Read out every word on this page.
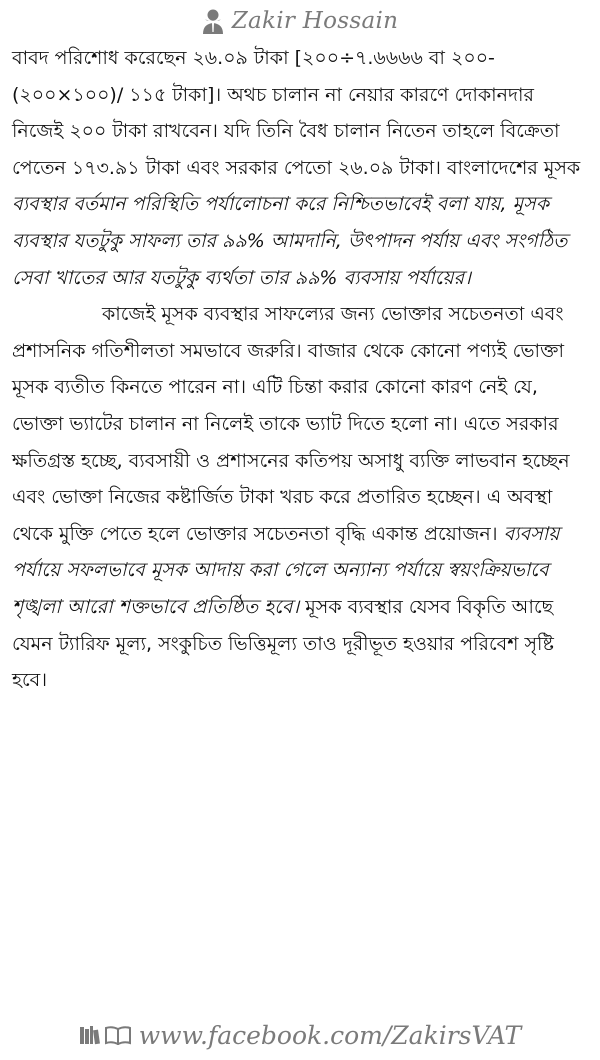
Zakir Hossain

বাবদ পরিশোধ করেছেন ২৬.০৯ টাকা [২০০÷৭.৬৬৬৬ বা ২০০-(২০০×১০০)/ ১১৫ টাকা]। অথচ চালান না নেয়ার কারণে দোকানদার নিজেই ২০০ টাকা রাখবেন। যদি তিনি বৈধ চালান নিতেন তাহলে বিক্রেতা পেতেন ১৭৩.৯১ টাকা এবং সরকার পেতো ২৬.০৯ টাকা। বাংলাদেশের মূসক ব্যবস্থার বর্তমান পরিস্থিতি পর্যালোচনা করে নিশ্চিতভাবেই বলা যায়, মূসক ব্যবস্থার যতটুকু সাফল্য তার ৯৯% আমদানি, উৎপাদন পর্যায় এবং সংগঠিত সেবা খাতের আর যতটুকু ব্যর্থতা তার ৯৯% ব্যবসায় পর্যায়ের।

কাজেই মূসক ব্যবস্থার সাফল্যের জন্য ভোক্তার সচেতনতা এবং প্রশাসনিক গতিশীলতা সমভাবে জরুরি। বাজার থেকে কোনো পণ্যই ভোক্তা মূসক ব্যতীত কিনতে পারেন না। এটি চিন্তা করার কোনো কারণ নেই যে, ভোক্তা ভ্যাটের চালান না নিলেই তাকে ভ্যাট দিতে হলো না। এতে সরকার ক্ষতিগ্রস্ত হচ্ছে, ব্যবসায়ী ও প্রশাসনের কতিপয় অসাধু ব্যক্তি লাভবান হচ্ছেন এবং ভোক্তা নিজের কষ্টার্জিত টাকা খরচ করে প্রতারিত হচ্ছেন। এ অবস্থা থেকে মুক্তি পেতে হলে ভোক্তার সচেতনতা বৃদ্ধি একান্ত প্রয়োজন। ব্যবসায় পর্যায়ে সফলভাবে মূসক আদায় করা গেলে অন্যান্য পর্যায়ে স্বয়ংক্রিয়ভাবে শৃঙ্খলা আরো শক্তভাবে প্রতিষ্ঠিত হবে। মূসক ব্যবস্থার যেসব বিকৃতি আছে যেমন ট্যারিফ মূল্য, সংকুচিত ভিত্তিমূল্য তাও দূরীভূত হওয়ার পরিবেশ সৃষ্টি হবে।

www.facebook.com/ZakirsVAT
